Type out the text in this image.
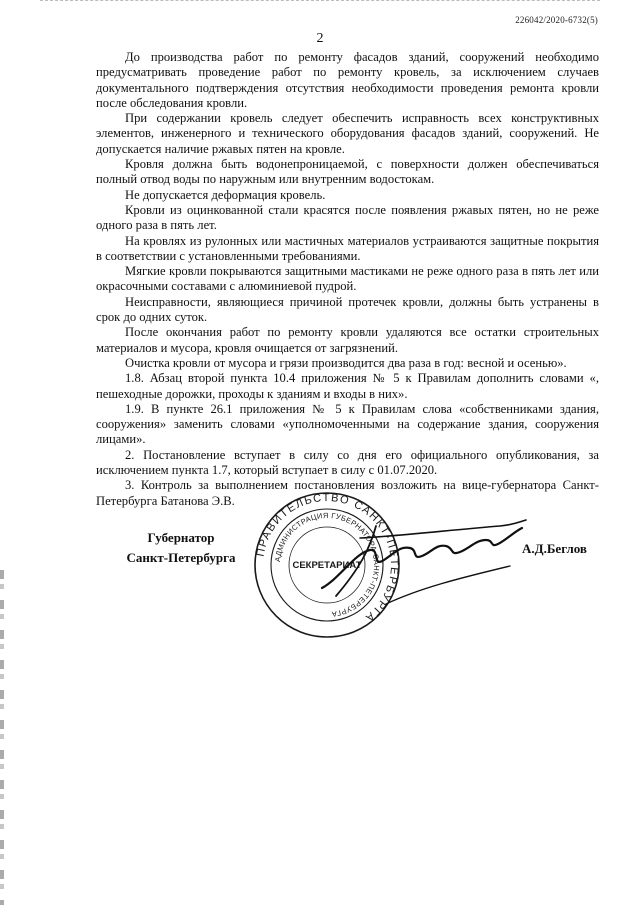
226042/2020-6732(5)
2

До производства работ по ремонту фасадов зданий, сооружений необходимо предусматривать проведение работ по ремонту кровель, за исключением случаев документального подтверждения отсутствия необходимости проведения ремонта кровли после обследования кровли.

При содержании кровель следует обеспечить исправность всех конструктивных элементов, инженерного и технического оборудования фасадов зданий, сооружений. Не допускается наличие ржавых пятен на кровле.

Кровля должна быть водонепроницаемой, с поверхности должен обеспечиваться полный отвод воды по наружным или внутренним водостокам.

Не допускается деформация кровель.

Кровли из оцинкованной стали красятся после появления ржавых пятен, но не реже одного раза в пять лет.

На кровлях из рулонных или мастичных материалов устраиваются защитные покрытия в соответствии с установленными требованиями.

Мягкие кровли покрываются защитными мастиками не реже одного раза в пять лет или окрасочными составами с алюминиевой пудрой.

Неисправности, являющиеся причиной протечек кровли, должны быть устранены в срок до одних суток.

После окончания работ по ремонту кровли удаляются все остатки строительных материалов и мусора, кровля очищается от загрязнений.

Очистка кровли от мусора и грязи производится два раза в год: весной и осенью».

1.8. Абзац второй пункта 10.4 приложения № 5 к Правилам дополнить словами «, пешеходные дорожки, проходы к зданиям и входы в них».

1.9. В пункте 26.1 приложения № 5 к Правилам слова «собственниками здания, сооружения» заменить словами «уполномоченными на содержание здания, сооружения лицами».

2. Постановление вступает в силу со дня его официального опубликования, за исключением пункта 1.7, который вступает в силу с 01.07.2020.

3. Контроль за выполнением постановления возложить на вице-губернатора Санкт-Петербурга Батанова Э.В.

Губернатор
Санкт-Петербурга	ПРАВИТЕЛЬСТВО САНКТ-ПЕТЕРБУРГА
АДМИНИСТРАЦИЯ ГУБЕРНАТОРА САНКТ-ПЕТЕРБУРГА
СЕКРЕТАРИАТ
А.Д.Беглов
